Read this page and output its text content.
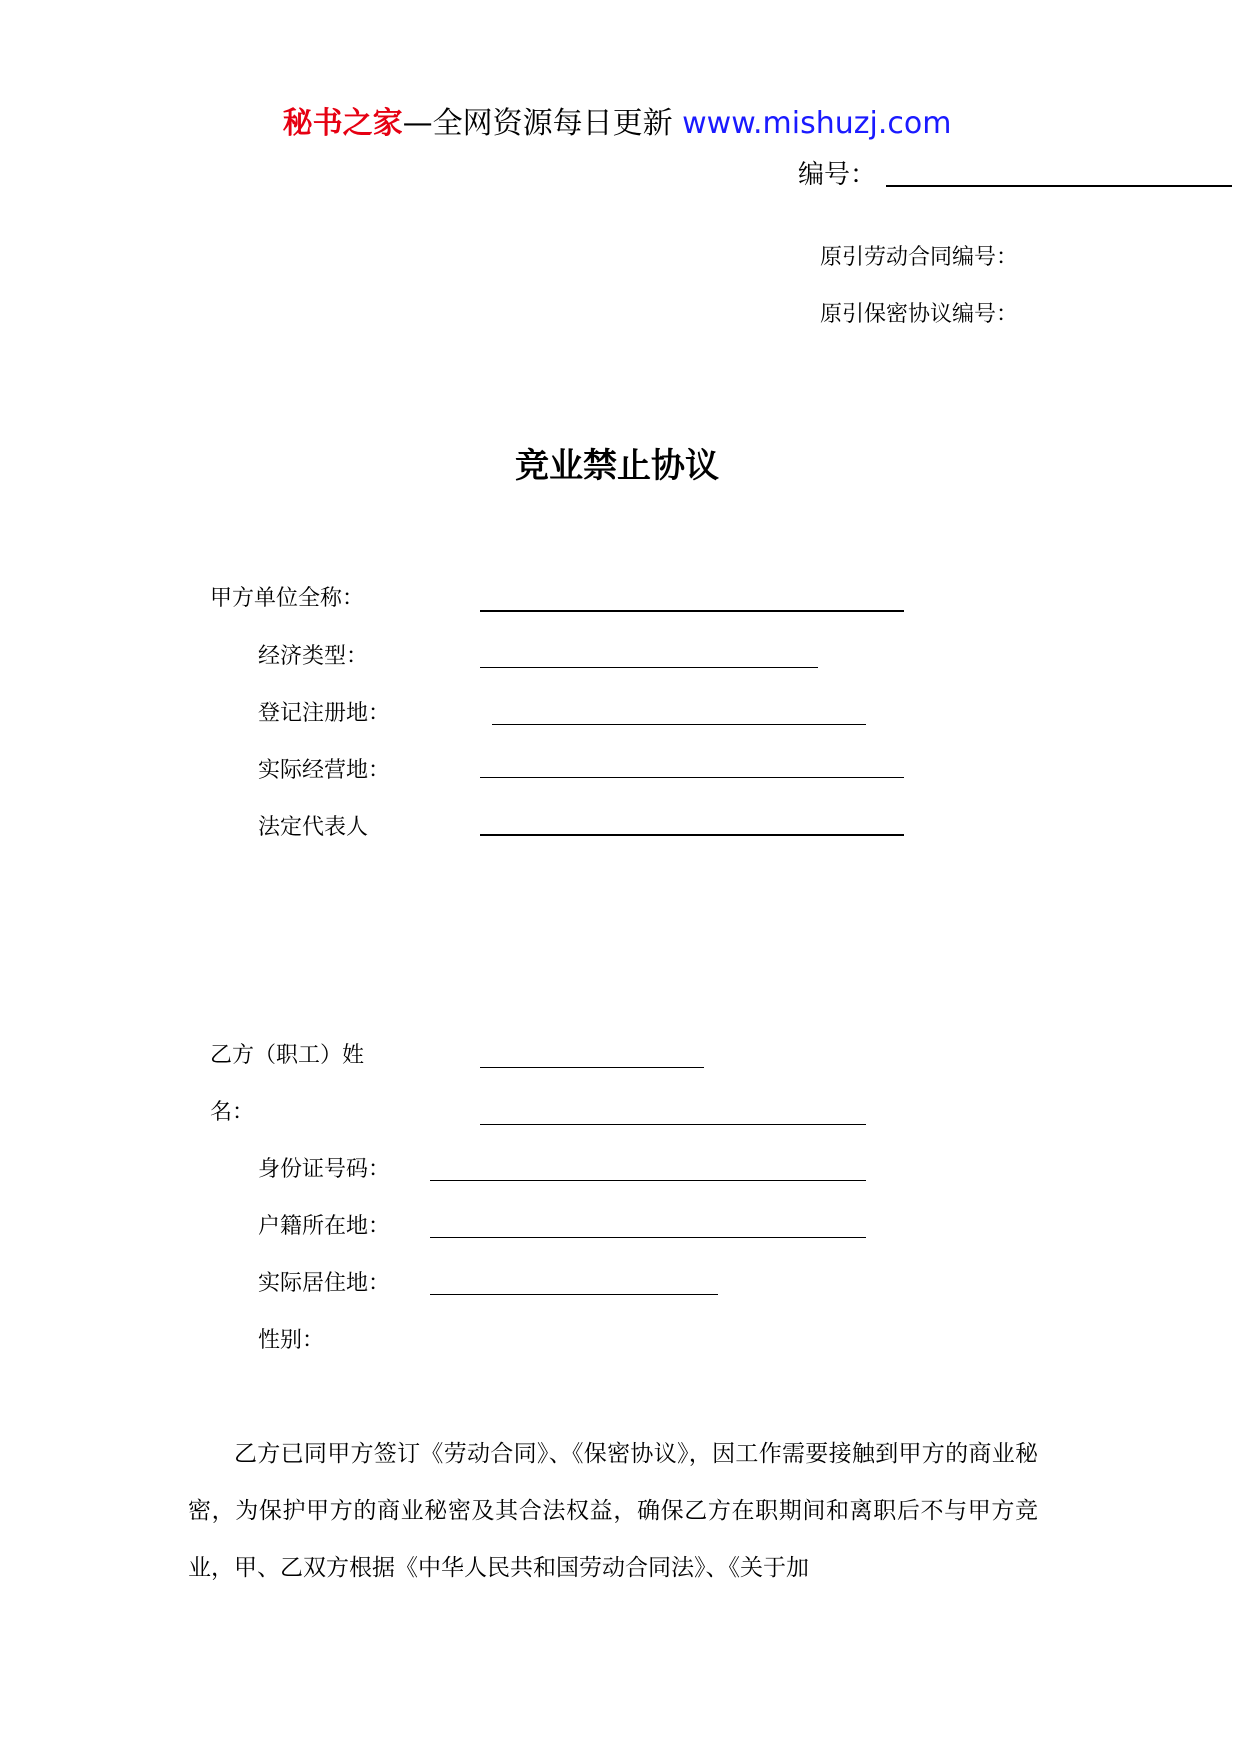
秘书之家—全网资源每日更新 www.mishuzj.com
编号：
原引劳动合同编号：
原引保密协议编号：
竞业禁止协议
甲方单位全称：
经济类型：
登记注册地：
实际经营地：
法定代表人
乙方（职工）姓
名：
身份证号码：
户籍所在地：
实际居住地：
性别：

乙方已同甲方签订《劳动合同》、《保密协议》，因工作需要接触到甲方的商业秘密，为保护甲方的商业秘密及其合法权益，确保乙方在职期间和离职后不与甲方竞业，甲、乙双方根据《中华人民共和国劳动合同法》、《关于加
